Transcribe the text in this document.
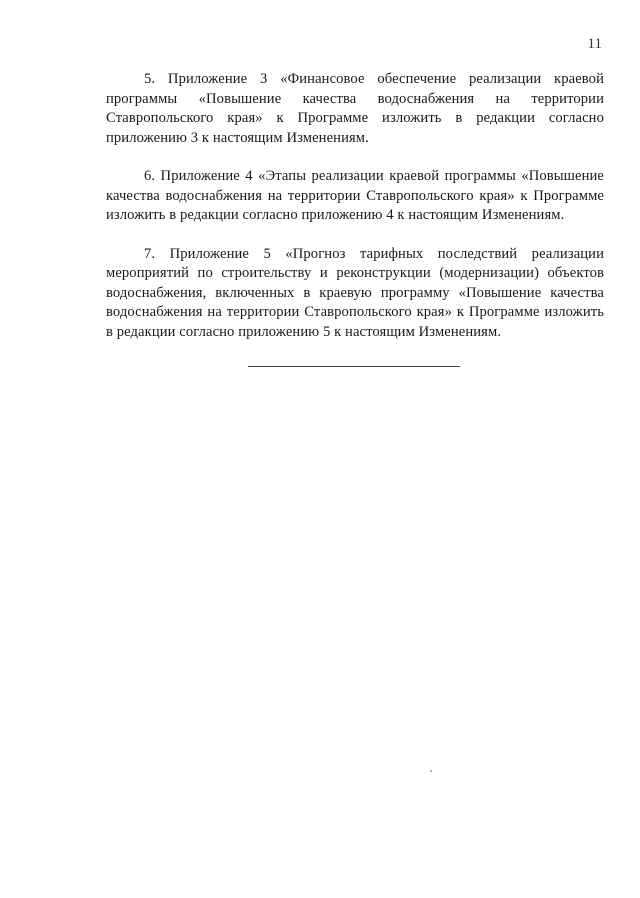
11

5. Приложение 3 «Финансовое обеспечение реализации краевой программы «Повышение качества водоснабжения на территории Ставропольского края» к Программе изложить в редакции согласно приложению 3 к настоящим Изменениям.

6. Приложение 4 «Этапы реализации краевой программы «Повышение качества водоснабжения на территории Ставропольского края» к Программе изложить в редакции согласно приложению 4 к настоящим Изменениям.

7. Приложение 5 «Прогноз тарифных последствий реализации мероприятий по строительству и реконструкции (модернизации) объектов водоснабжения, включенных в краевую программу «Повышение качества водоснабжения на территории Ставропольского края» к Программе изложить в редакции согласно приложению 5 к настоящим Изменениям.
